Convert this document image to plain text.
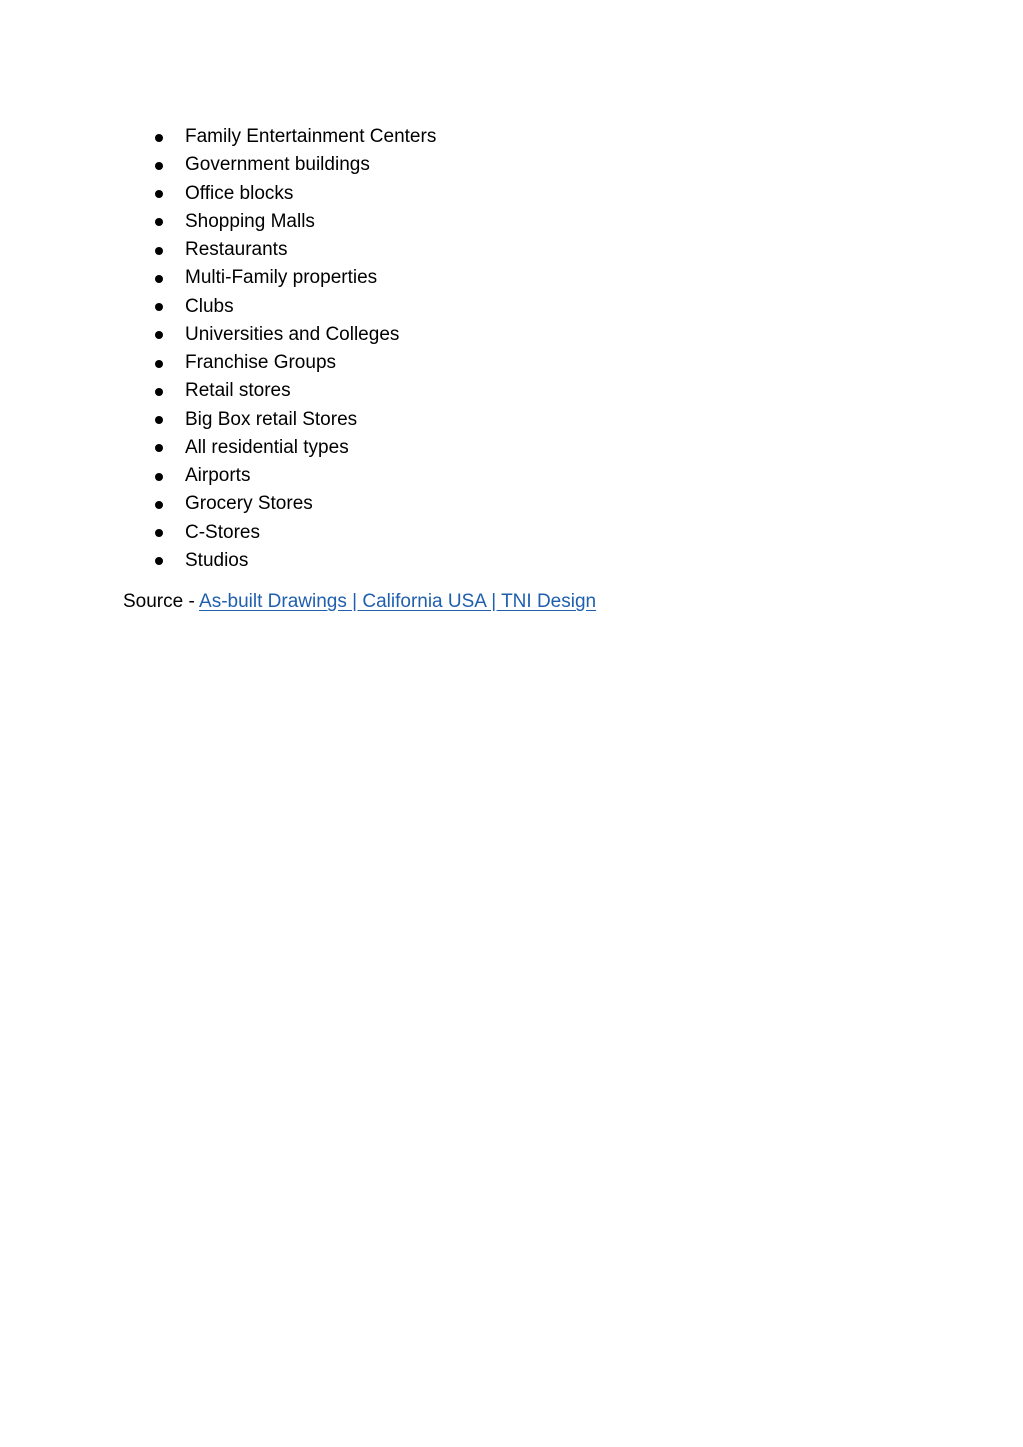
Family Entertainment Centers
Government buildings
Office blocks
Shopping Malls
Restaurants
Multi-Family properties
Clubs
Universities and Colleges
Franchise Groups
Retail stores
Big Box retail Stores
All residential types
Airports
Grocery Stores
C-Stores
Studios
Source - As-built Drawings | California USA | TNI Design
